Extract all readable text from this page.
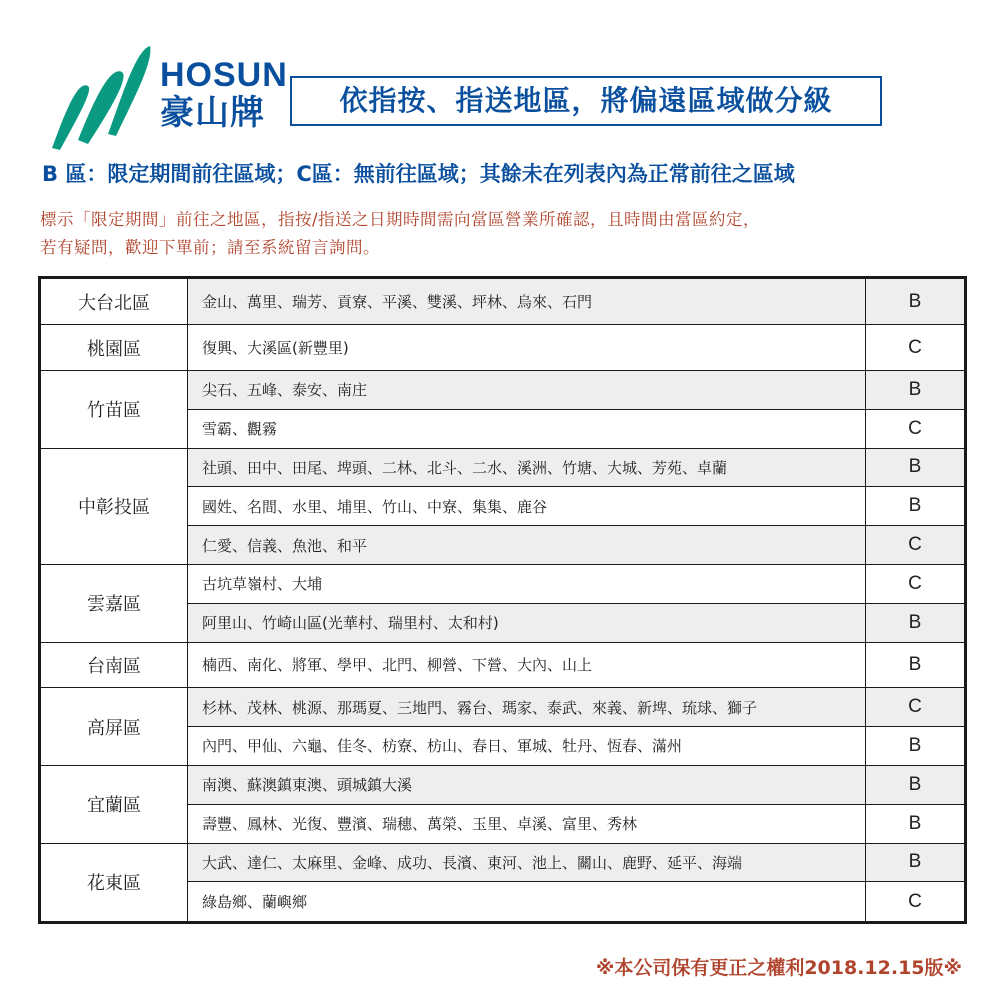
HOSUN
豪山牌	依指按、指送地區，將偏遠區域做分級
B 區：限定期間前往區域；C區：無前往區域；其餘未在列表內為正常前往之區域
標示「限定期間」前往之地區，指按/指送之日期時間需向當區營業所確認，且時間由當區約定，
若有疑問，歡迎下單前；請至系統留言詢問。
大台北區	金山、萬里、瑞芳、貢寮、平溪、雙溪、坪林、烏來、石門	B
桃園區	復興、大溪區(新豐里)	C
竹苗區	尖石、五峰、泰安、南庄	B
	雪霸、觀霧	C
中彰投區	社頭、田中、田尾、埤頭、二林、北斗、二水、溪洲、竹塘、大城、芳苑、卓蘭	B
	國姓、名間、水里、埔里、竹山、中寮、集集、鹿谷	B
	仁愛、信義、魚池、和平	C
雲嘉區	古坑草嶺村、大埔	C
	阿里山、竹崎山區(光華村、瑞里村、太和村)	B
台南區	楠西、南化、將軍、學甲、北門、柳營、下營、大內、山上	B
高屏區	杉林、茂林、桃源、那瑪夏、三地門、霧台、瑪家、泰武、來義、新埤、琉球、獅子	C
	內門、甲仙、六龜、佳冬、枋寮、枋山、春日、軍城、牡丹、恆春、滿州	B
宜蘭區	南澳、蘇澳鎮東澳、頭城鎮大溪	B
	壽豐、鳳林、光復、豐濱、瑞穗、萬榮、玉里、卓溪、富里、秀林	B
花東區	大武、達仁、太麻里、金峰、成功、長濱、東河、池上、關山、鹿野、延平、海端	B
	綠島鄉、蘭嶼鄉	C
※本公司保有更正之權利2018.12.15版※
